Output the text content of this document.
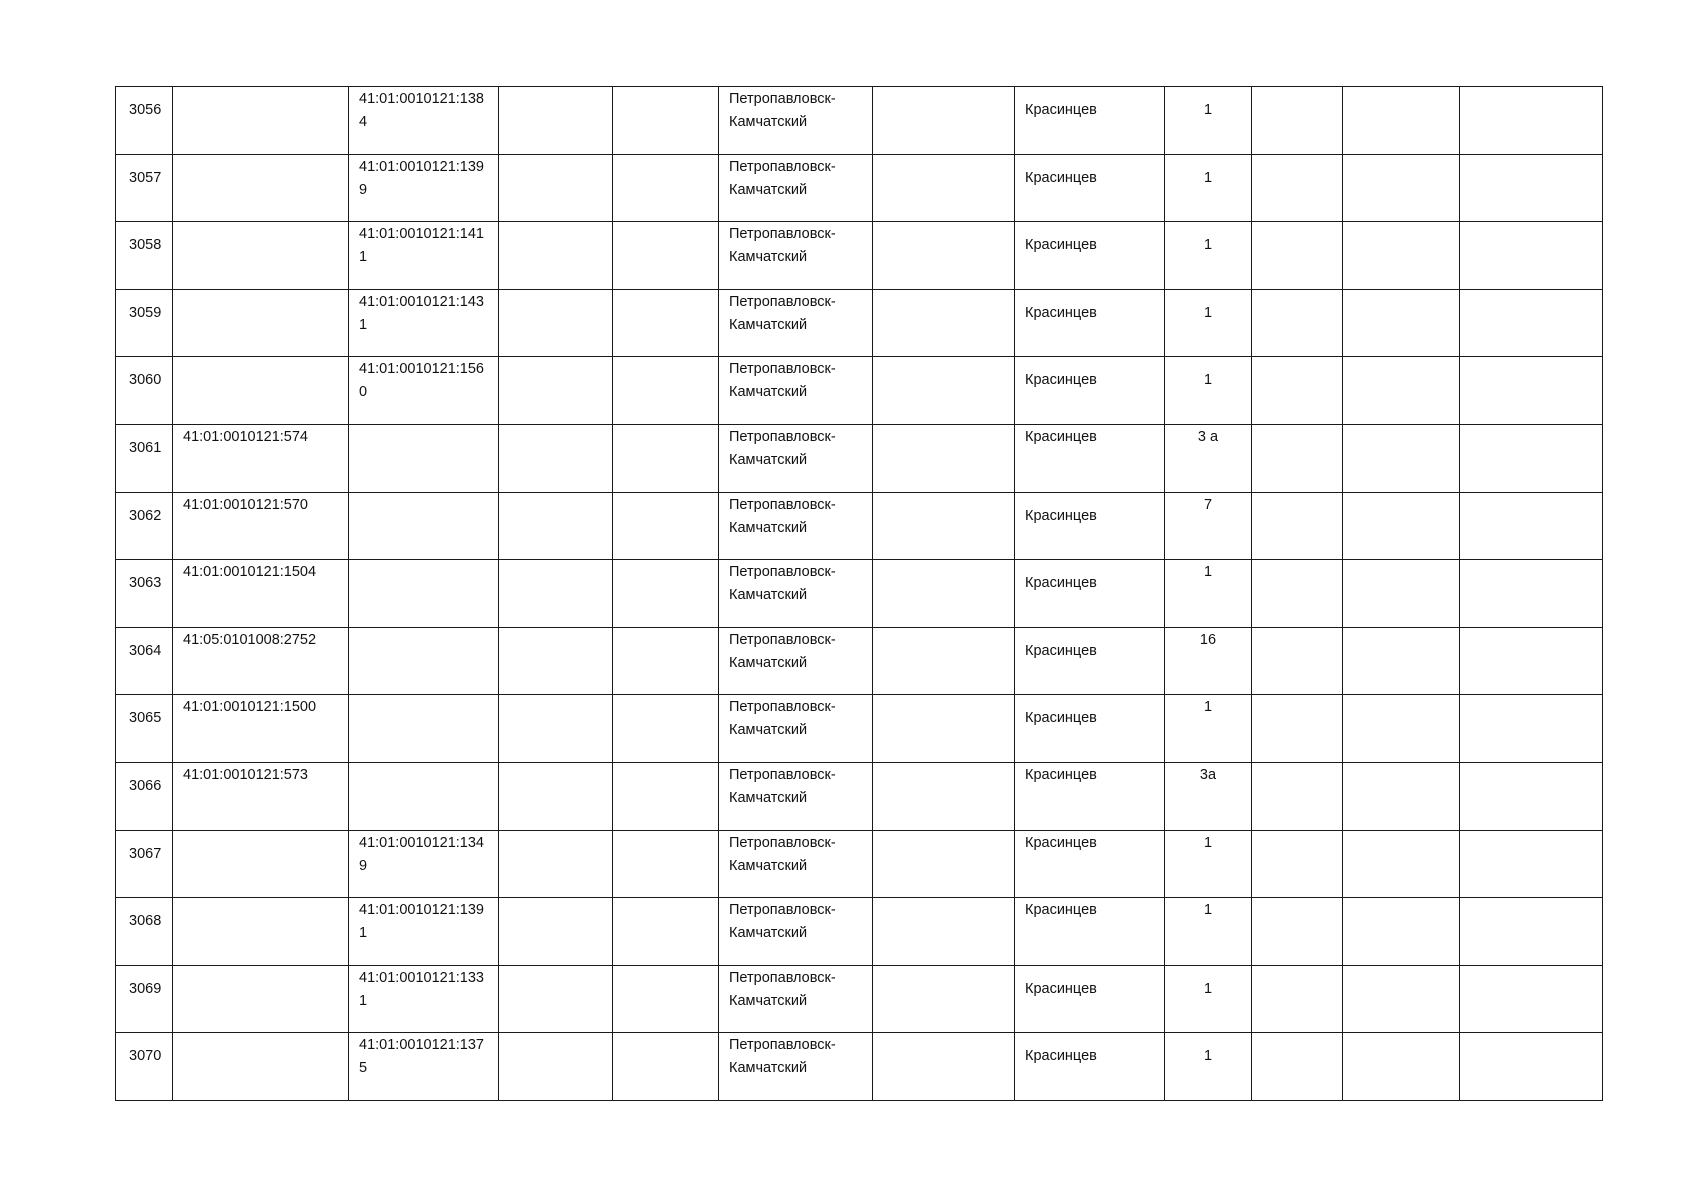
3056		41:01:0010121:1384			Петропавловск-Камчатский		Красинцев	1			

3057		41:01:0010121:1399			Петропавловск-Камчатский		Красинцев	1			

3058		41:01:0010121:1411			Петропавловск-Камчатский		Красинцев	1			

3059		41:01:0010121:1431			Петропавловск-Камчатский		Красинцев	1			

3060		41:01:0010121:1560			Петропавловск-Камчатский		Красинцев	1			

3061	41:01:0010121:574				Петропавловск-Камчатский		Красинцев	3 а			

3062	41:01:0010121:570				Петропавловск-Камчатский		Красинцев	7			

3063	41:01:0010121:1504				Петропавловск-Камчатский		Красинцев	1			

3064	41:05:0101008:2752				Петропавловск-Камчатский		Красинцев	16			

3065	41:01:0010121:1500				Петропавловск-Камчатский		Красинцев	1			

3066	41:01:0010121:573				Петропавловск-Камчатский		Красинцев	3а			

3067		41:01:0010121:1349			Петропавловск-Камчатский		Красинцев	1			

3068		41:01:0010121:1391			Петропавловск-Камчатский		Красинцев	1			

3069		41:01:0010121:1331			Петропавловск-Камчатский		Красинцев	1			

3070		41:01:0010121:1375			Петропавловск-Камчатский		Красинцев	1			
